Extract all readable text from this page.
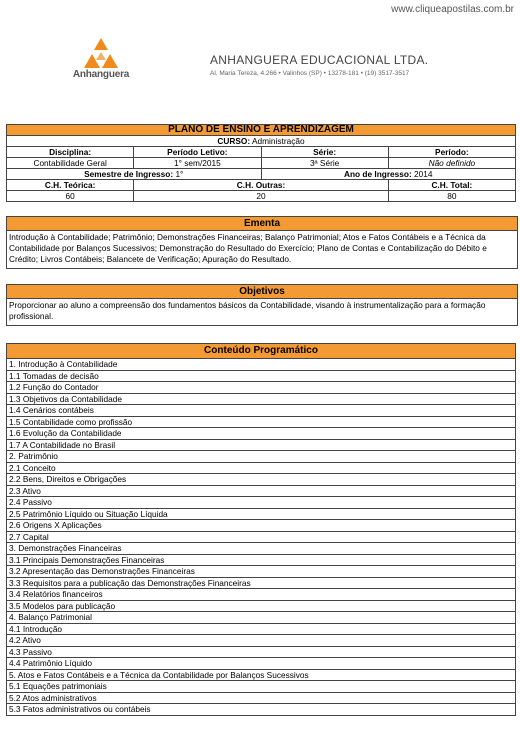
www.cliqueapostilas.com.br
Anhanguera
ANHANGUERA EDUCACIONAL LTDA.
Al. Maria Tereza, 4.266 • Valinhos (SP) • 13278-181 • (19) 3517-3517
PLANO DE ENSINO E APRENDIZAGEM			
CURSO: Administração			
Disciplina:	Período Letivo:	Série:	Período:
Contabilidade Geral	1° sem/2015	3ª Série	Não definido
Semestre de Ingresso: 1°		Ano de Ingresso: 2014	
C.H. Teórica:	C.H. Outras:		C.H. Total:
60	20		80
Ementa
Introdução à Contabilidade; Patrimônio; Demonstrações Financeiras; Balanço Patrimonial; Atos e Fatos Contábeis e a Técnica da Contabilidade por Balanços Sucessivos; Demonstração do Resultado do Exercício; Plano de Contas e Contabilização do Débito e Crédito; Livros Contábeis; Balancete de Verificação; Apuração do Resultado.
Objetivos
Proporcionar ao aluno a compreensão dos fundamentos básicos da Contabilidade, visando à instrumentalização para a formação profissional.
Conteúdo Programático
1. Introdução à Contabilidade
1.1 Tomadas de decisão
1.2 Função do Contador
1.3 Objetivos da Contabilidade
1.4 Cenários contábeis
1.5 Contabilidade como profissão
1.6 Evolução da Contabilidade
1.7 A Contabilidade no Brasil
2. Patrimônio
2.1 Conceito
2.2 Bens, Direitos e Obrigações
2.3 Ativo
2.4 Passivo
2.5 Patrimônio Líquido ou Situação Líquida
2.6 Origens X Aplicações
2.7 Capital
3. Demonstrações Financeiras
3.1 Principais Demonstrações Financeiras
3.2 Apresentação das Demonstrações Financeiras
3.3 Requisitos para a publicação das Demonstrações Financeiras
3.4 Relatórios financeiros
3.5 Modelos para publicação
4. Balanço Patrimonial
4.1 Introdução
4.2 Ativo
4.3 Passivo
4.4 Patrimônio Líquido
5. Atos e Fatos Contábeis e a Técnica da Contabilidade por Balanços Sucessivos
5.1 Equações patrimoniais
5.2 Atos administrativos
5.3 Fatos administrativos ou contábeis
